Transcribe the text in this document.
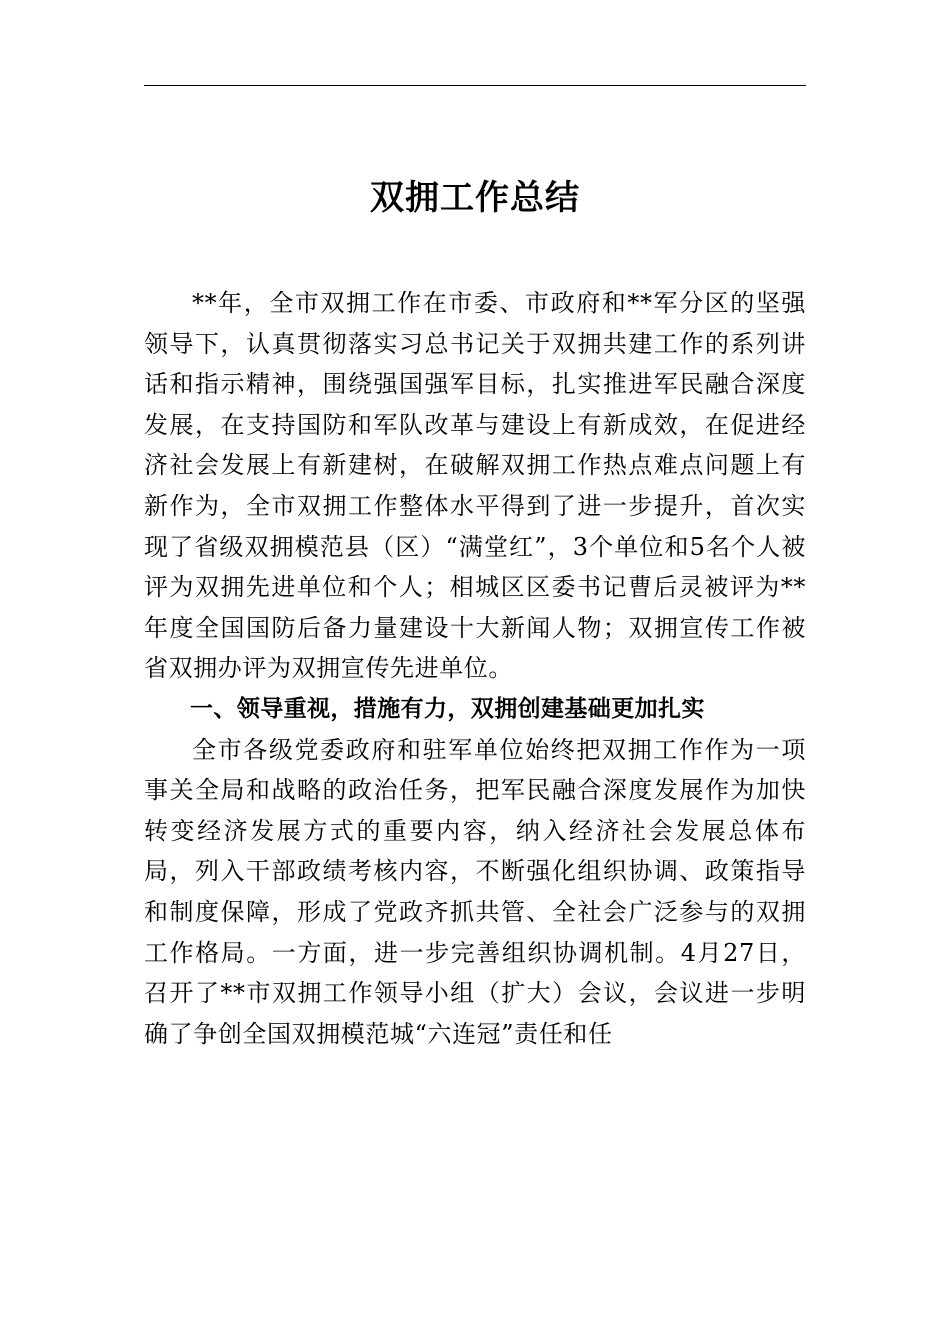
双拥工作总结

**年，全市双拥工作在市委、市政府和**军分区的坚强领导下，认真贯彻落实习总书记关于双拥共建工作的系列讲话和指示精神，围绕强国强军目标，扎实推进军民融合深度发展，在支持国防和军队改革与建设上有新成效，在促进经济社会发展上有新建树，在破解双拥工作热点难点问题上有新作为，全市双拥工作整体水平得到了进一步提升，首次实现了省级双拥模范县（区）“满堂红”，3个单位和5名个人被评为双拥先进单位和个人；相城区区委书记曹后灵被评为**年度全国国防后备力量建设十大新闻人物；双拥宣传工作被省双拥办评为双拥宣传先进单位。

一、领导重视，措施有力，双拥创建基础更加扎实

全市各级党委政府和驻军单位始终把双拥工作作为一项事关全局和战略的政治任务，把军民融合深度发展作为加快转变经济发展方式的重要内容，纳入经济社会发展总体布局，列入干部政绩考核内容，不断强化组织协调、政策指导和制度保障，形成了党政齐抓共管、全社会广泛参与的双拥工作格局。一方面，进一步完善组织协调机制。4月27日，召开了**市双拥工作领导小组（扩大）会议，会议进一步明确了争创全国双拥模范城“六连冠”责任和任
